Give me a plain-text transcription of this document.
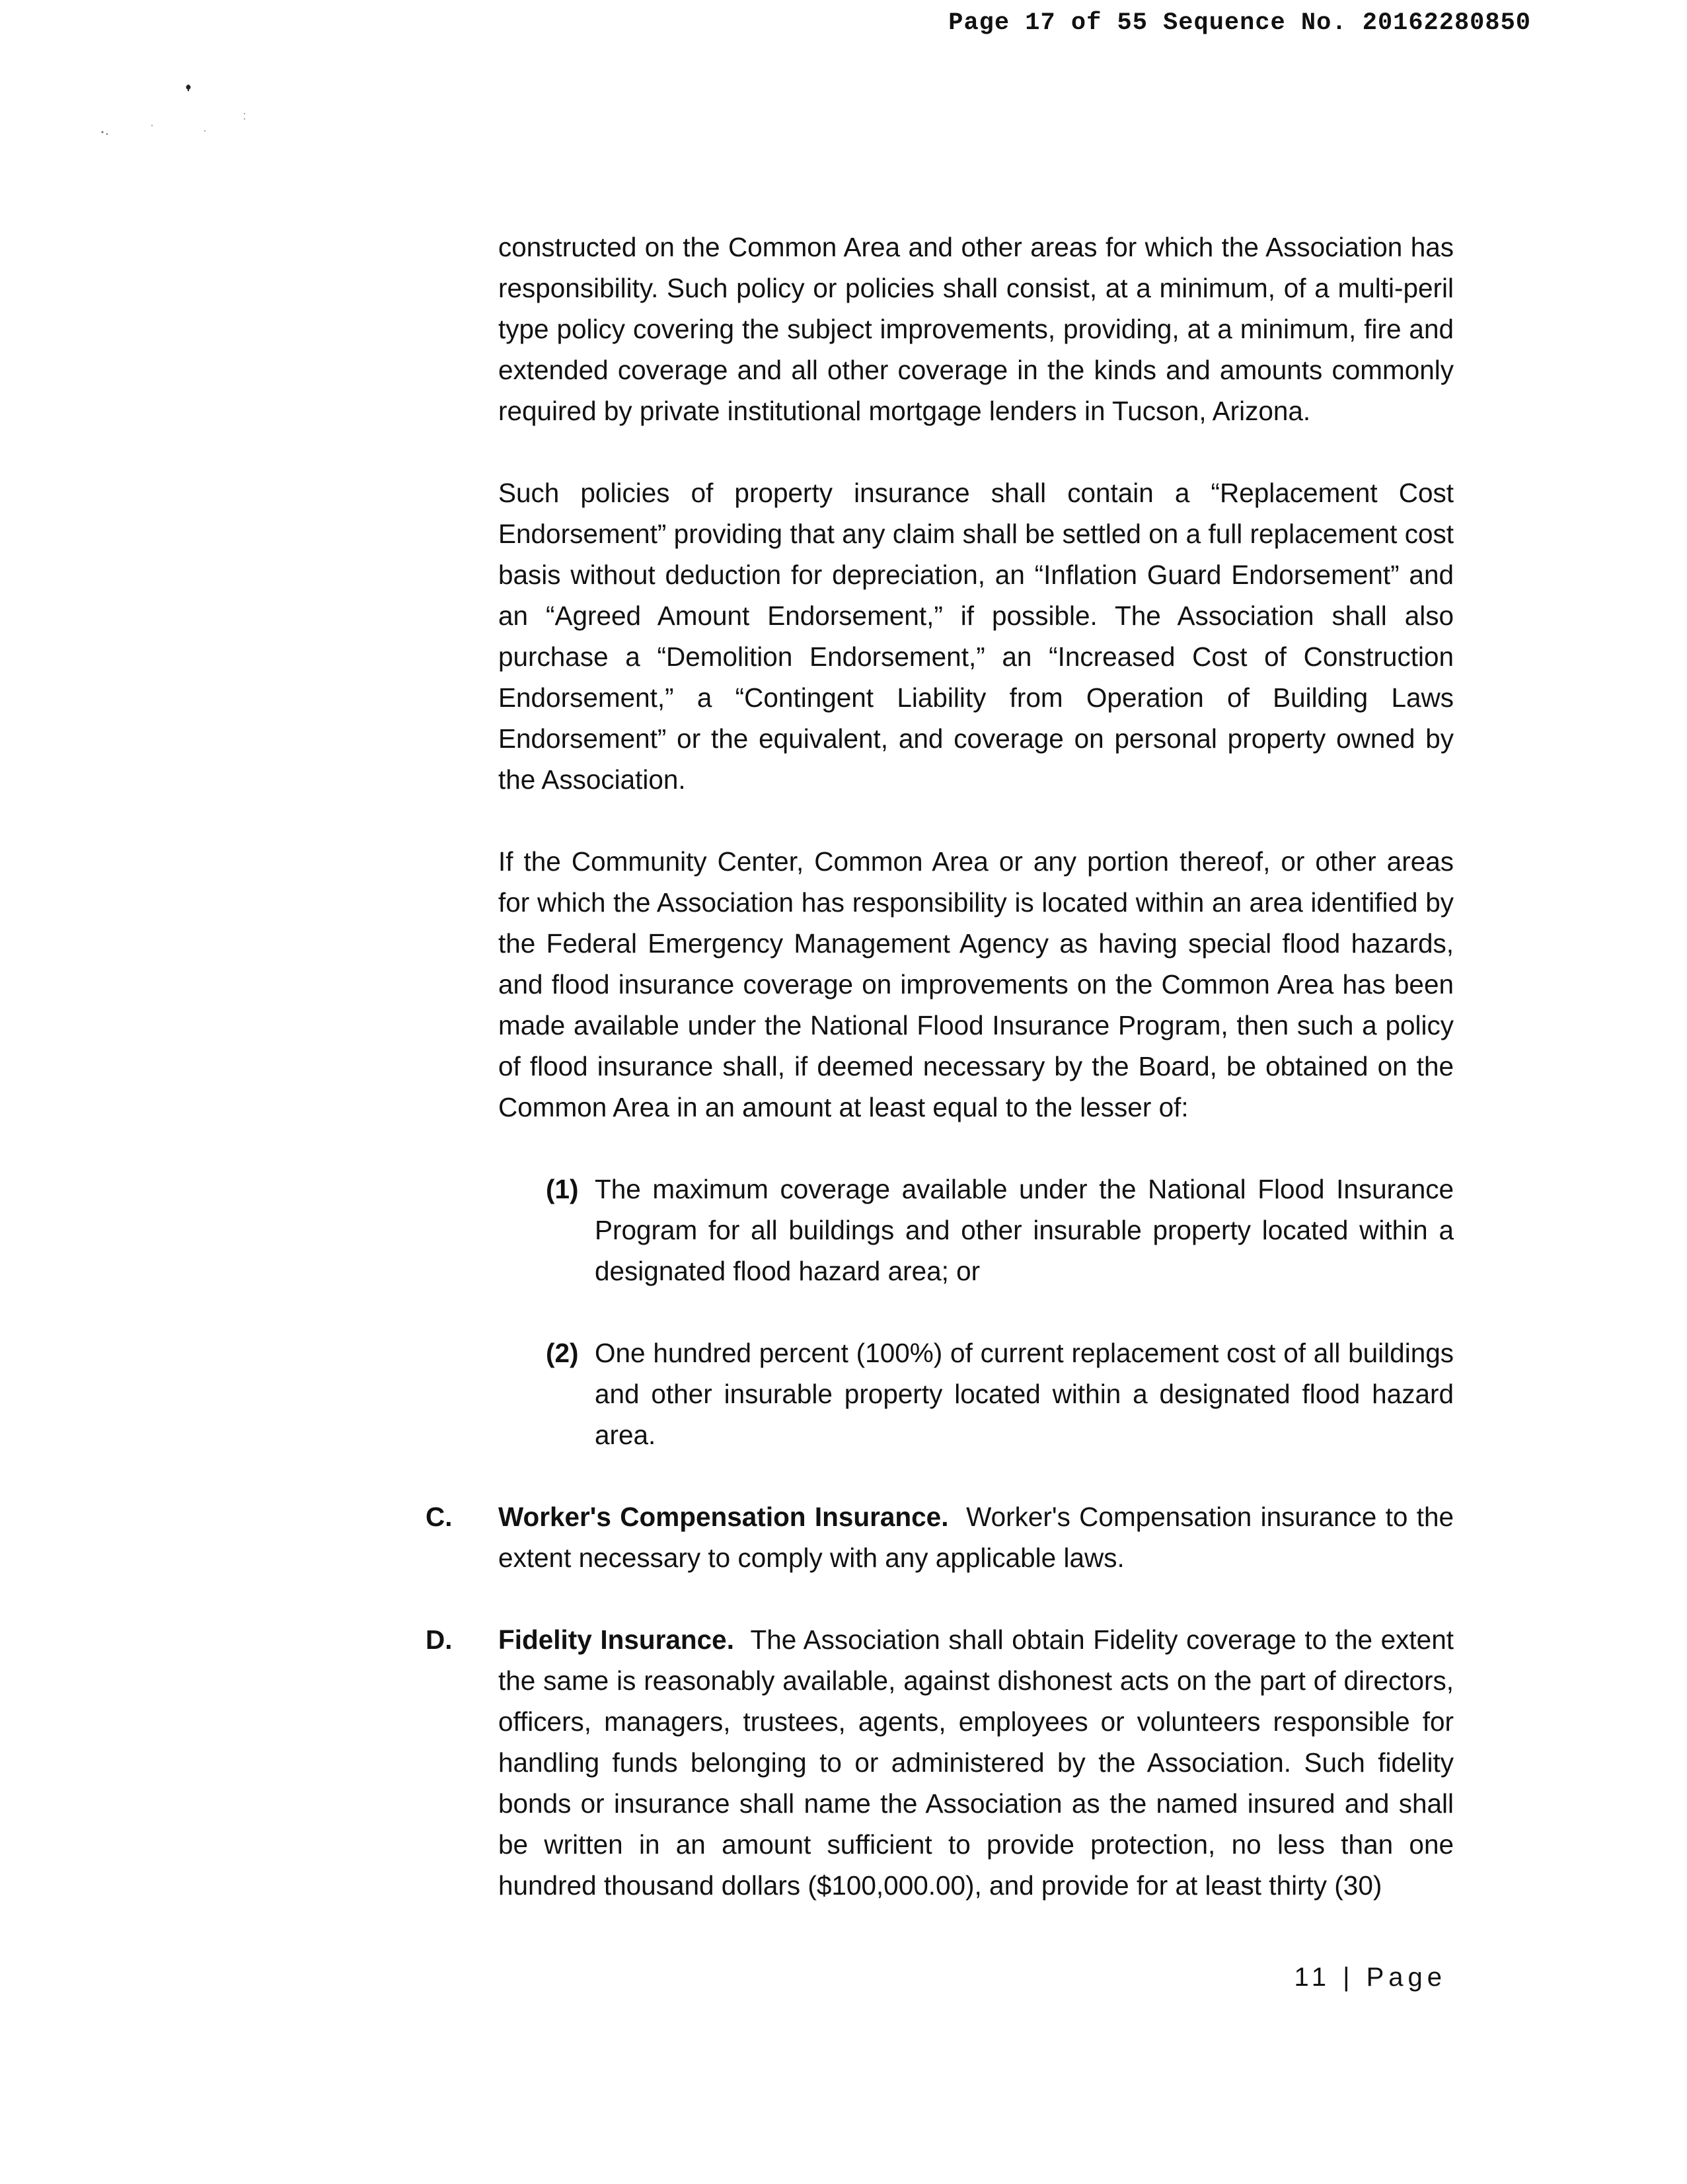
Page 17 of 55 Sequence No. 20162280850

constructed on the Common Area and other areas for which the Association has responsibility. Such policy or policies shall consist, at a minimum, of a multi-peril type policy covering the subject improvements, providing, at a minimum, fire and extended coverage and all other coverage in the kinds and amounts commonly required by private institutional mortgage lenders in Tucson, Arizona.

Such policies of property insurance shall contain a “Replacement Cost Endorsement” providing that any claim shall be settled on a full replacement cost basis without deduction for depreciation, an “Inflation Guard Endorsement” and an “Agreed Amount Endorsement,” if possible. The Association shall also purchase a “Demolition Endorsement,” an “Increased Cost of Construction Endorsement,” a “Contingent Liability from Operation of Building Laws Endorsement” or the equivalent, and coverage on personal property owned by the Association.

If the Community Center, Common Area or any portion thereof, or other areas for which the Association has responsibility is located within an area identified by the Federal Emergency Management Agency as having special flood hazards, and flood insurance coverage on improvements on the Common Area has been made available under the National Flood Insurance Program, then such a policy of flood insurance shall, if deemed necessary by the Board, be obtained on the Common Area in an amount at least equal to the lesser of:

(1) The maximum coverage available under the National Flood Insurance Program for all buildings and other insurable property located within a designated flood hazard area; or
(2) One hundred percent (100%) of current replacement cost of all buildings and other insurable property located within a designated flood hazard area.
C. Worker's Compensation Insurance. Worker's Compensation insurance to the extent necessary to comply with any applicable laws.
D. Fidelity Insurance. The Association shall obtain Fidelity coverage to the extent the same is reasonably available, against dishonest acts on the part of directors, officers, managers, trustees, agents, employees or volunteers responsible for handling funds belonging to or administered by the Association. Such fidelity bonds or insurance shall name the Association as the named insured and shall be written in an amount sufficient to provide protection, no less than one hundred thousand dollars ($100,000.00), and provide for at least thirty (30)
11 | Page
